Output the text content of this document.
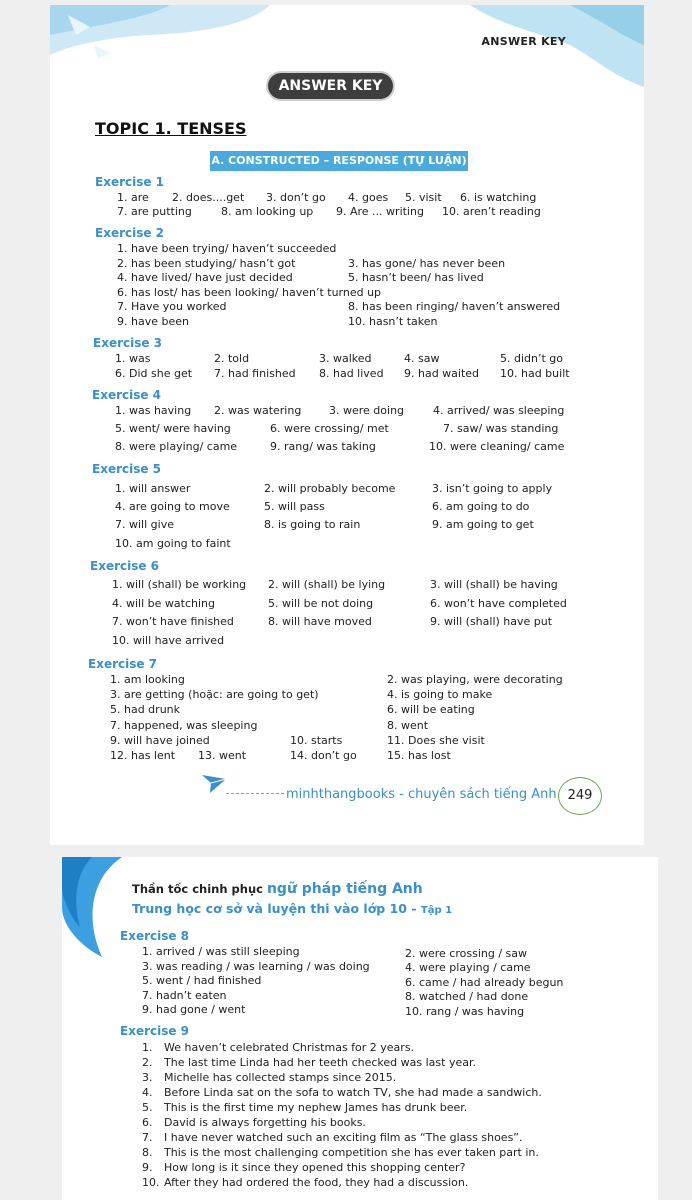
ANSWER KEY
ANSWER KEY
TOPIC 1. TENSES
A. CONSTRUCTED – RESPONSE (TỰ LUẬN)
Exercise 1
1. are 2. does....get 3. don’t go 4. goes 5. visit 6. is watching
7. are putting	8. am looking up 9. Are ... writing 10. aren’t reading
Exercise 2
1. have been trying/ haven’t succeeded
2. has been studying/ hasn’t got	3. has gone/ has never been
4. have lived/ have just decided	5. hasn’t been/ has lived
6. has lost/ has been looking/ haven’t turned up
7. Have you worked	8. has been ringing/ haven’t answered
9. have been	10. hasn’t taken
Exercise 3
1. was	2. told	3. walked	4. saw	5. didn’t go
6. Did she get 7. had finished 8. had lived 9. had waited 10. had built
Exercise 4
1. was having 2. was watering	3. were doing	4. arrived/ was sleeping
5. went/ were having	6. were crossing/ met	7. saw/ was standing
8. were playing/ came	9. rang/ was taking	10. were cleaning/ came
Exercise 5
1. will answer	2. will probably become	3. isn’t going to apply
4. are going to move	5. will pass	6. am going to do
7. will give	8. is going to rain	9. am going to get
10. am going to faint
Exercise 6
1. will (shall) be working 2. will (shall) be lying	3. will (shall) be having
4. will be watching	5. will be not doing	6. won’t have completed
7. won’t have finished	8. will have moved	9. will (shall) have put
10. will have arrived
Exercise 7
1. am looking	2. was playing, were decorating
3. are getting (hoặc: are going to get)	4. is going to make
5. had drunk	6. will be eating
7. happened, was sleeping	8. went
9. will have joined	10. starts	11. Does she visit
12. has lent 13. went	14. don’t go	15. has lost
minhthangbooks - chuyên sách tiếng Anh 249
Thần tốc chinh phục ngữ pháp tiếng Anh
Trung học cơ sở và luyện thi vào lớp 10 - Tập 1
Exercise 8
1. arrived / was still sleeping	2. were crossing / saw
3. was reading / was learning / was doing	4. were playing / came
5. went / had finished	6. came / had already begun
7. hadn’t eaten	8. watched / had done
9. had gone / went	10. rang / was having
Exercise 9
1. We haven’t celebrated Christmas for 2 years.
2. The last time Linda had her teeth checked was last year.
3. Michelle has collected stamps since 2015.
4. Before Linda sat on the sofa to watch TV, she had made a sandwich.
5. This is the first time my nephew James has drunk beer.
6. David is always forgetting his books.
7. I have never watched such an exciting film as “The glass shoes”.
8. This is the most challenging competition she has ever taken part in.
9. How long is it since they opened this shopping center?
10. After they had ordered the food, they had a discussion.
